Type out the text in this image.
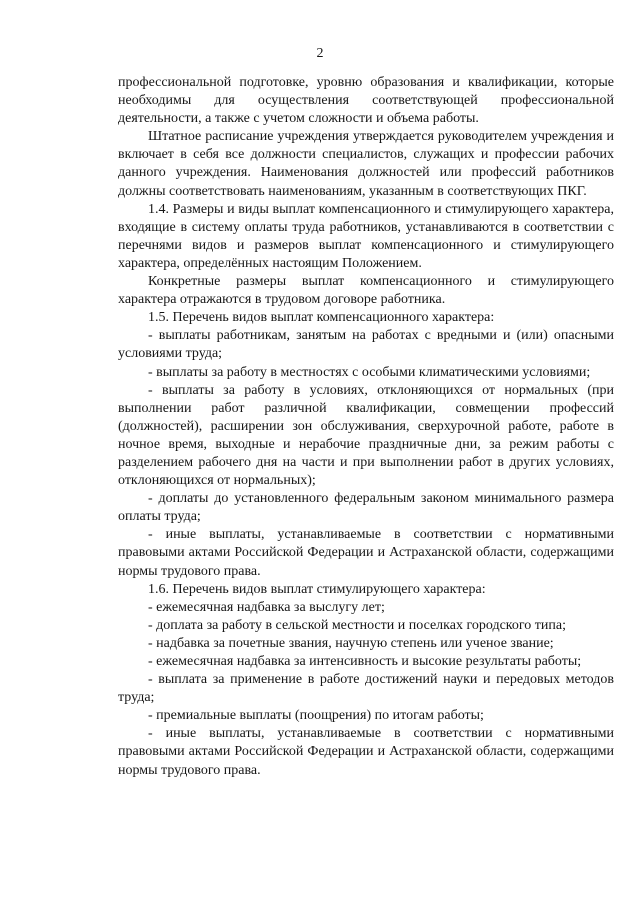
2

профессиональной подготовке, уровню образования и квалификации, которые необходимы для осуществления соответствующей профессиональной деятельности, а также с учетом сложности и объема работы.

Штатное расписание учреждения утверждается руководителем учреждения и включает в себя все должности специалистов, служащих и профессии рабочих данного учреждения. Наименования должностей или профессий работников должны соответствовать наименованиям, указанным в соответствующих ПКГ.

1.4. Размеры и виды выплат компенсационного и стимулирующего характера, входящие в систему оплаты труда работников, устанавливаются в соответствии с перечнями видов и размеров выплат компенсационного и стимулирующего характера, определённых настоящим Положением.

Конкретные размеры выплат компенсационного и стимулирующего характера отражаются в трудовом договоре работника.

1.5. Перечень видов выплат компенсационного характера:

- выплаты работникам, занятым на работах с вредными и (или) опасными условиями труда;

- выплаты за работу в местностях с особыми климатическими условиями;

- выплаты за работу в условиях, отклоняющихся от нормальных (при выполнении работ различной квалификации, совмещении профессий (должностей), расширении зон обслуживания, сверхурочной работе, работе в ночное время, выходные и нерабочие праздничные дни, за режим работы с разделением рабочего дня на части и при выполнении работ в других условиях, отклоняющихся от нормальных);

- доплаты до установленного федеральным законом минимального размера оплаты труда;

- иные выплаты, устанавливаемые в соответствии с нормативными правовыми актами Российской Федерации и Астраханской области, содержащими нормы трудового права.

1.6. Перечень видов выплат стимулирующего характера:

- ежемесячная надбавка за выслугу лет;

- доплата за работу в сельской местности и поселках городского типа;

- надбавка за почетные звания, научную степень или ученое звание;

- ежемесячная надбавка за интенсивность и высокие результаты работы;

- выплата за применение в работе достижений науки и передовых методов труда;

- премиальные выплаты (поощрения) по итогам работы;

- иные выплаты, устанавливаемые в соответствии с нормативными правовыми актами Российской Федерации и Астраханской области, содержащими нормы трудового права.
